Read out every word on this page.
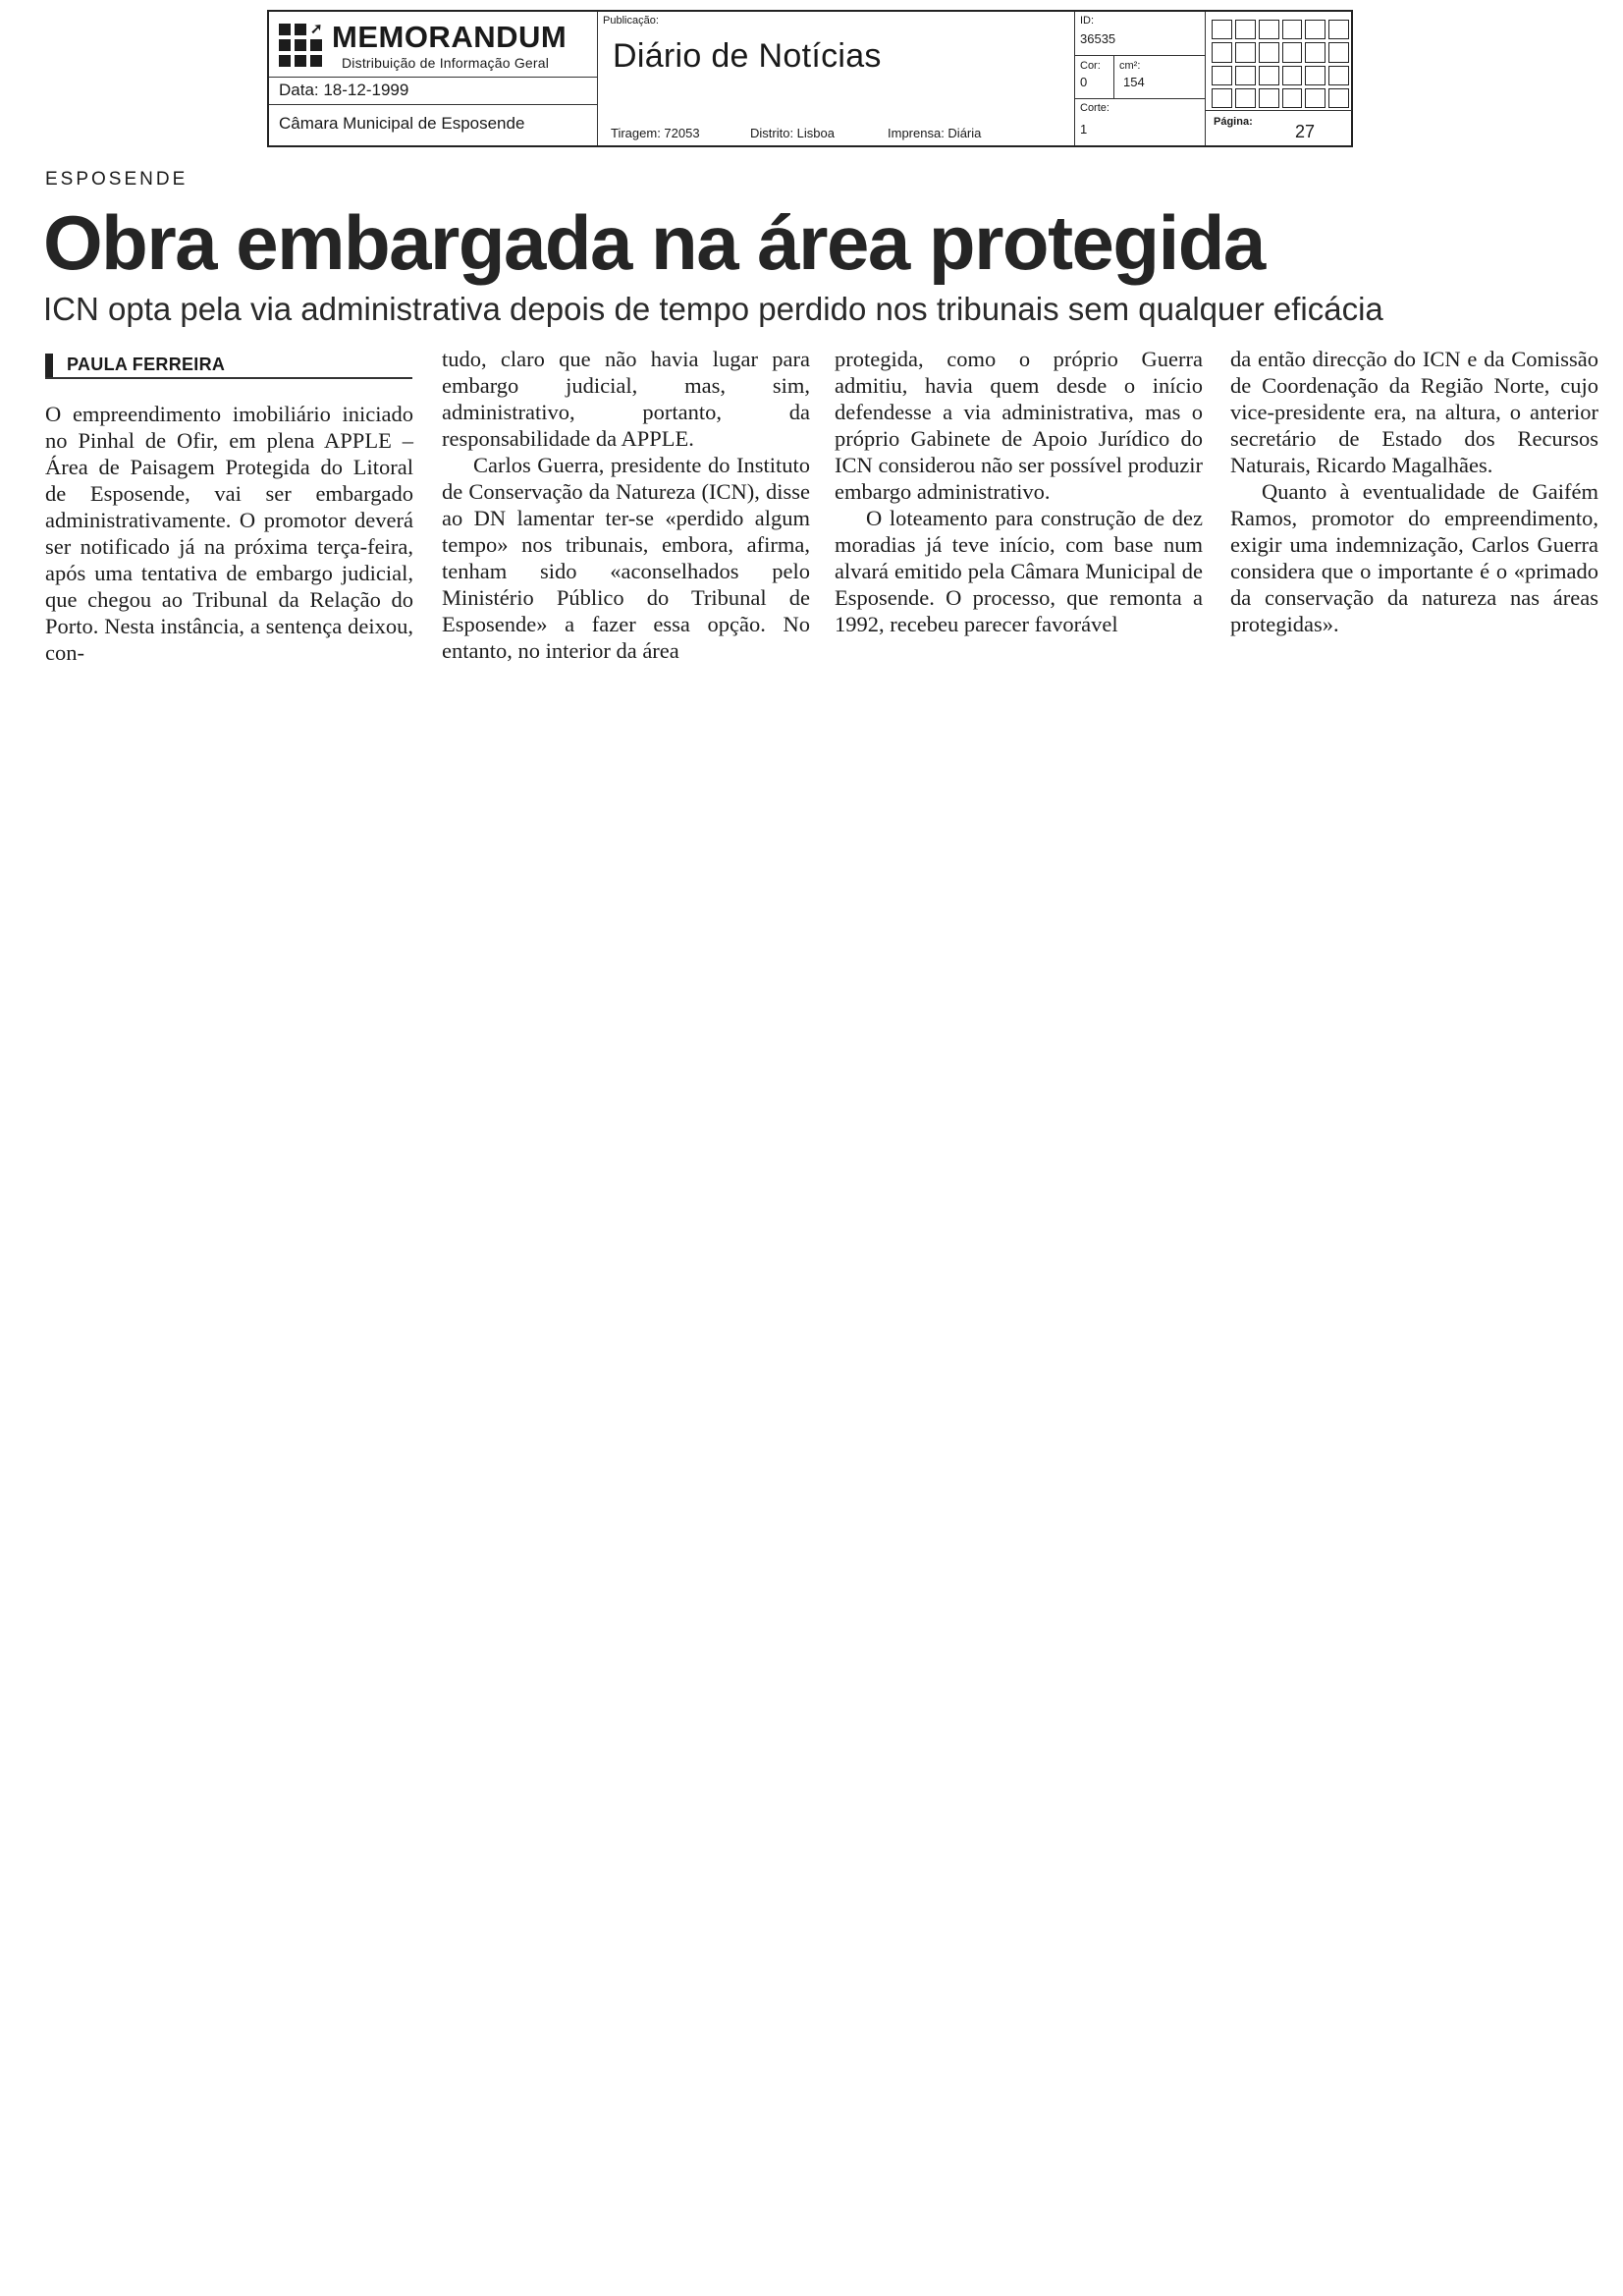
➚ MEMORANDUM
Distribuição de Informação Geral
Data: 18-12-1999
Câmara Municipal de Esposende
Publicação:
Diário de Notícias
Tiragem: 72053	Distrito: Lisboa	Imprensa: Diária
ID:
36535
Cor:
0
cm²:
154
Corte:
1	Página: 27
ESPOSENDE
Obra embargada na área protegida
ICN opta pela via administrativa depois de tempo perdido nos tribunais sem qualquer eficácia
PAULA FERREIRA

O empreendimento imobiliário iniciado no Pinhal de Ofir, em plena APPLE – Área de Paisagem Protegida do Litoral de Esposende, vai ser embargado administrativamente. O promotor deverá ser notificado já na próxima terça-feira, após uma tentativa de embargo judicial, que chegou ao Tribunal da Relação do Porto. Nesta instância, a sentença deixou, con-

tudo, claro que não havia lugar para embargo judicial, mas, sim, administrativo, portanto, da responsabilidade da APPLE.

Carlos Guerra, presidente do Instituto de Conservação da Natureza (ICN), disse ao DN lamentar ter-se «perdido algum tempo» nos tribunais, embora, afirma, tenham sido «aconselhados pelo Ministério Público do Tribunal de Esposende» a fazer essa opção. No entanto, no interior da área

protegida, como o próprio Guerra admitiu, havia quem desde o início defendesse a via administrativa, mas o próprio Gabinete de Apoio Jurídico do ICN considerou não ser possível produzir embargo administrativo.

O loteamento para construção de dez moradias já teve início, com base num alvará emitido pela Câmara Municipal de Esposende. O processo, que remonta a 1992, recebeu parecer favorável

da então direcção do ICN e da Comissão de Coordenação da Região Norte, cujo vice-presidente era, na altura, o anterior secretário de Estado dos Recursos Naturais, Ricardo Magalhães.

Quanto à eventualidade de Gaifém Ramos, promotor do empreendimento, exigir uma indemnização, Carlos Guerra considera que o importante é o «primado da conservação da natureza nas áreas protegidas».
